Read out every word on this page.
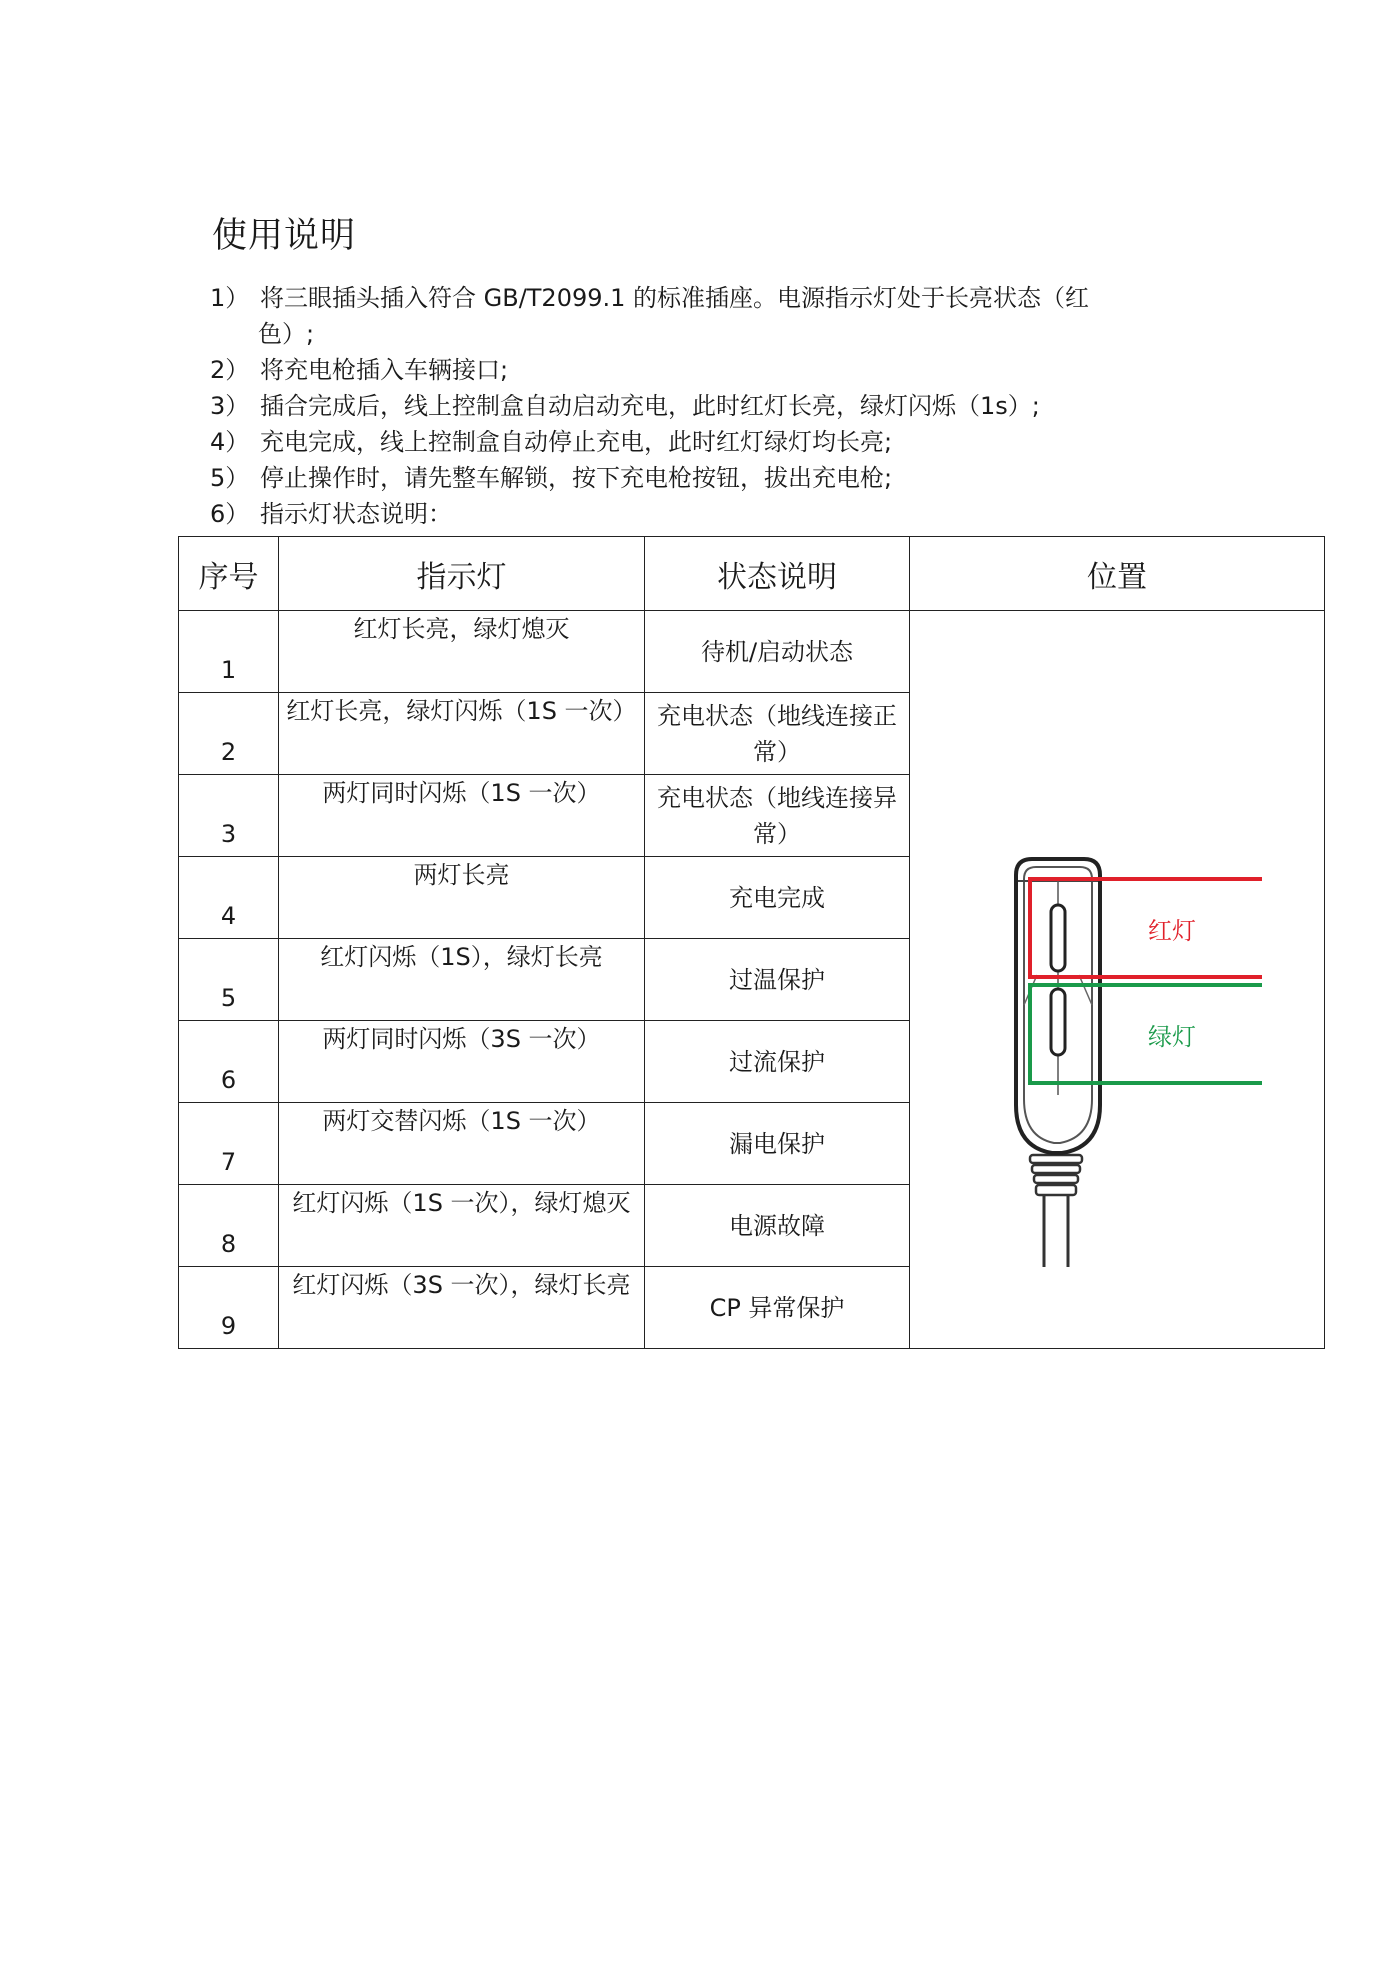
使用说明
1） 将三眼插头插入符合 GB/T2099.1 的标准插座。电源指示灯处于长亮状态（红
色）;
2） 将充电枪插入车辆接口;
3） 插合完成后，线上控制盒自动启动充电，此时红灯长亮，绿灯闪烁（1s）;
4） 充电完成，线上控制盒自动停止充电，此时红灯绿灯均长亮;
5） 停止操作时，请先整车解锁，按下充电枪按钮，拔出充电枪;
6） 指示灯状态说明：
序号	指示灯	状态说明	位置
1	红灯长亮，绿灯熄灭	待机/启动状态	红灯
绿灯

2	红灯长亮，绿灯闪烁（1S 一次）	充电状态（地线连接正常）	
3	两灯同时闪烁（1S 一次）	充电状态（地线连接异常）	
4	两灯长亮	充电完成	
5	红灯闪烁（1S），绿灯长亮	过温保护	
6	两灯同时闪烁（3S 一次）	过流保护	
7	两灯交替闪烁（1S 一次）	漏电保护	
8	红灯闪烁（1S 一次），绿灯熄灭	电源故障	
9	红灯闪烁（3S 一次），绿灯长亮	CP 异常保护	
